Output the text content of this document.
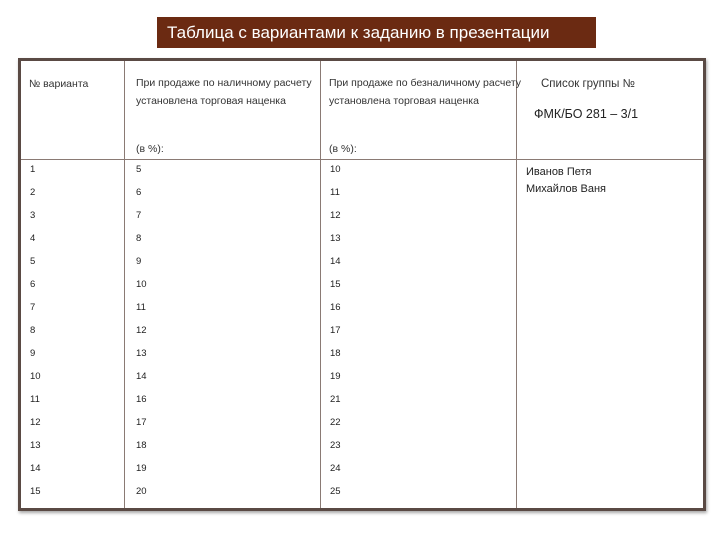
Таблица с вариантами к заданию в презентации
№ варианта	При продаже по наличному расчету установлена торговая наценка
(в %):
При продаже по безналичному расчету установлена торговая наценка
(в %):
Список группы №
ФМК/БО 281 – 3/1
1
2
3
4
5
6
7
8
9
10
11
12
13
14
15
5
6
7
8
9
10
11
12
13
14
16
17
18
19
20
10
11
12
13
14
15
16
17
18
19
21
22
23
24
25
Иванов Петя
Михайлов Ваня
